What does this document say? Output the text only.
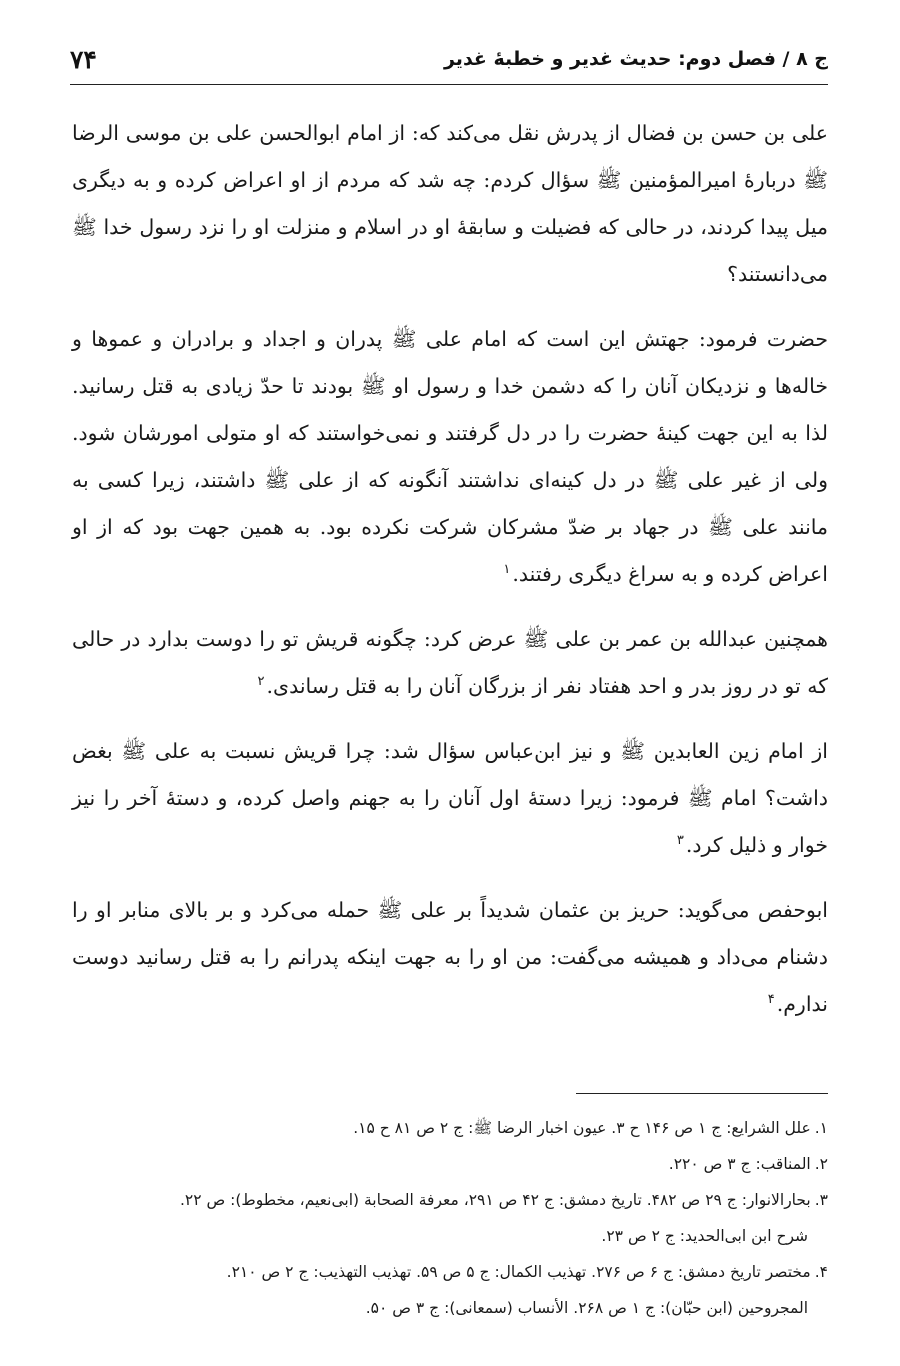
ج ۸ / فصل دوم: حدیث غدیر و خطبهٔ غدیر
۷۴

علی بن حسن بن فضال از پدرش نقل می‌کند که: از امام ابوالحسن علی بن موسی الرضا ﷺ دربارهٔ امیرالمؤمنین ﷺ سؤال کردم: چه شد که مردم از او اعراض کرده و به دیگری میل پیدا کردند، در حالی که فضیلت و سابقهٔ او در اسلام و منزلت او را نزد رسول خدا ﷺ می‌دانستند؟

حضرت فرمود: جهتش این است که امام علی ﷺ پدران و اجداد و برادران و عموها و خاله‌ها و نزدیکان آنان را که دشمن خدا و رسول او ﷺ بودند تا حدّ زیادی به قتل رسانید. لذا به این جهت کینهٔ حضرت را در دل گرفتند و نمی‌خواستند که او متولی امورشان شود. ولی از غیر علی ﷺ در دل کینه‌ای نداشتند آنگونه که از علی ﷺ داشتند، زیرا کسی به مانند علی ﷺ در جهاد بر ضدّ مشرکان شرکت نکرده بود. به همین جهت بود که از او اعراض کرده و به سراغ دیگری رفتند.$^۱$

همچنین عبدالله بن عمر بن علی ﷺ عرض کرد: چگونه قریش تو را دوست بدارد در حالی که تو در روز بدر و احد هفتاد نفر از بزرگان آنان را به قتل رساندی.$^۲$

از امام زین العابدین ﷺ و نیز ابن‌عباس سؤال شد: چرا قریش نسبت به علی ﷺ بغض داشت؟ امام ﷺ فرمود: زیرا دستهٔ اول آنان را به جهنم واصل کرده، و دستهٔ آخر را نیز خوار و ذلیل کرد.$^۳$

ابوحفص می‌گوید: حریز بن عثمان شدیداً بر علی ﷺ حمله می‌کرد و بر بالای منابر او را دشنام می‌داد و همیشه می‌گفت: من او را به جهت اینکه پدرانم را به قتل رسانید دوست ندارم.$^۴$

۱.علل الشرایع: ج ۱ ص ۱۴۶ ح ۳. عیون اخبار الرضا ﷺ: ج ۲ ص ۸۱ ح ۱۵.

۲.المناقب: ج ۳ ص ۲۲۰.

۳.بحارالانوار: ج ۲۹ ص ۴۸۲. تاریخ دمشق: ج ۴۲ ص ۲۹۱، معرفة الصحابة (ابی‌نعیم، مخطوط): ص ۲۲.

شرح ابن ابی‌الحدید: ج ۲ ص ۲۳.

۴.مختصر تاریخ دمشق: ج ۶ ص ۲۷۶. تهذیب الکمال: ج ۵ ص ۵۹. تهذیب التهذیب: ج ۲ ص ۲۱۰.

المجروحین (ابن حبّان): ج ۱ ص ۲۶۸. الأنساب (سمعانی): ج ۳ ص ۵۰.
